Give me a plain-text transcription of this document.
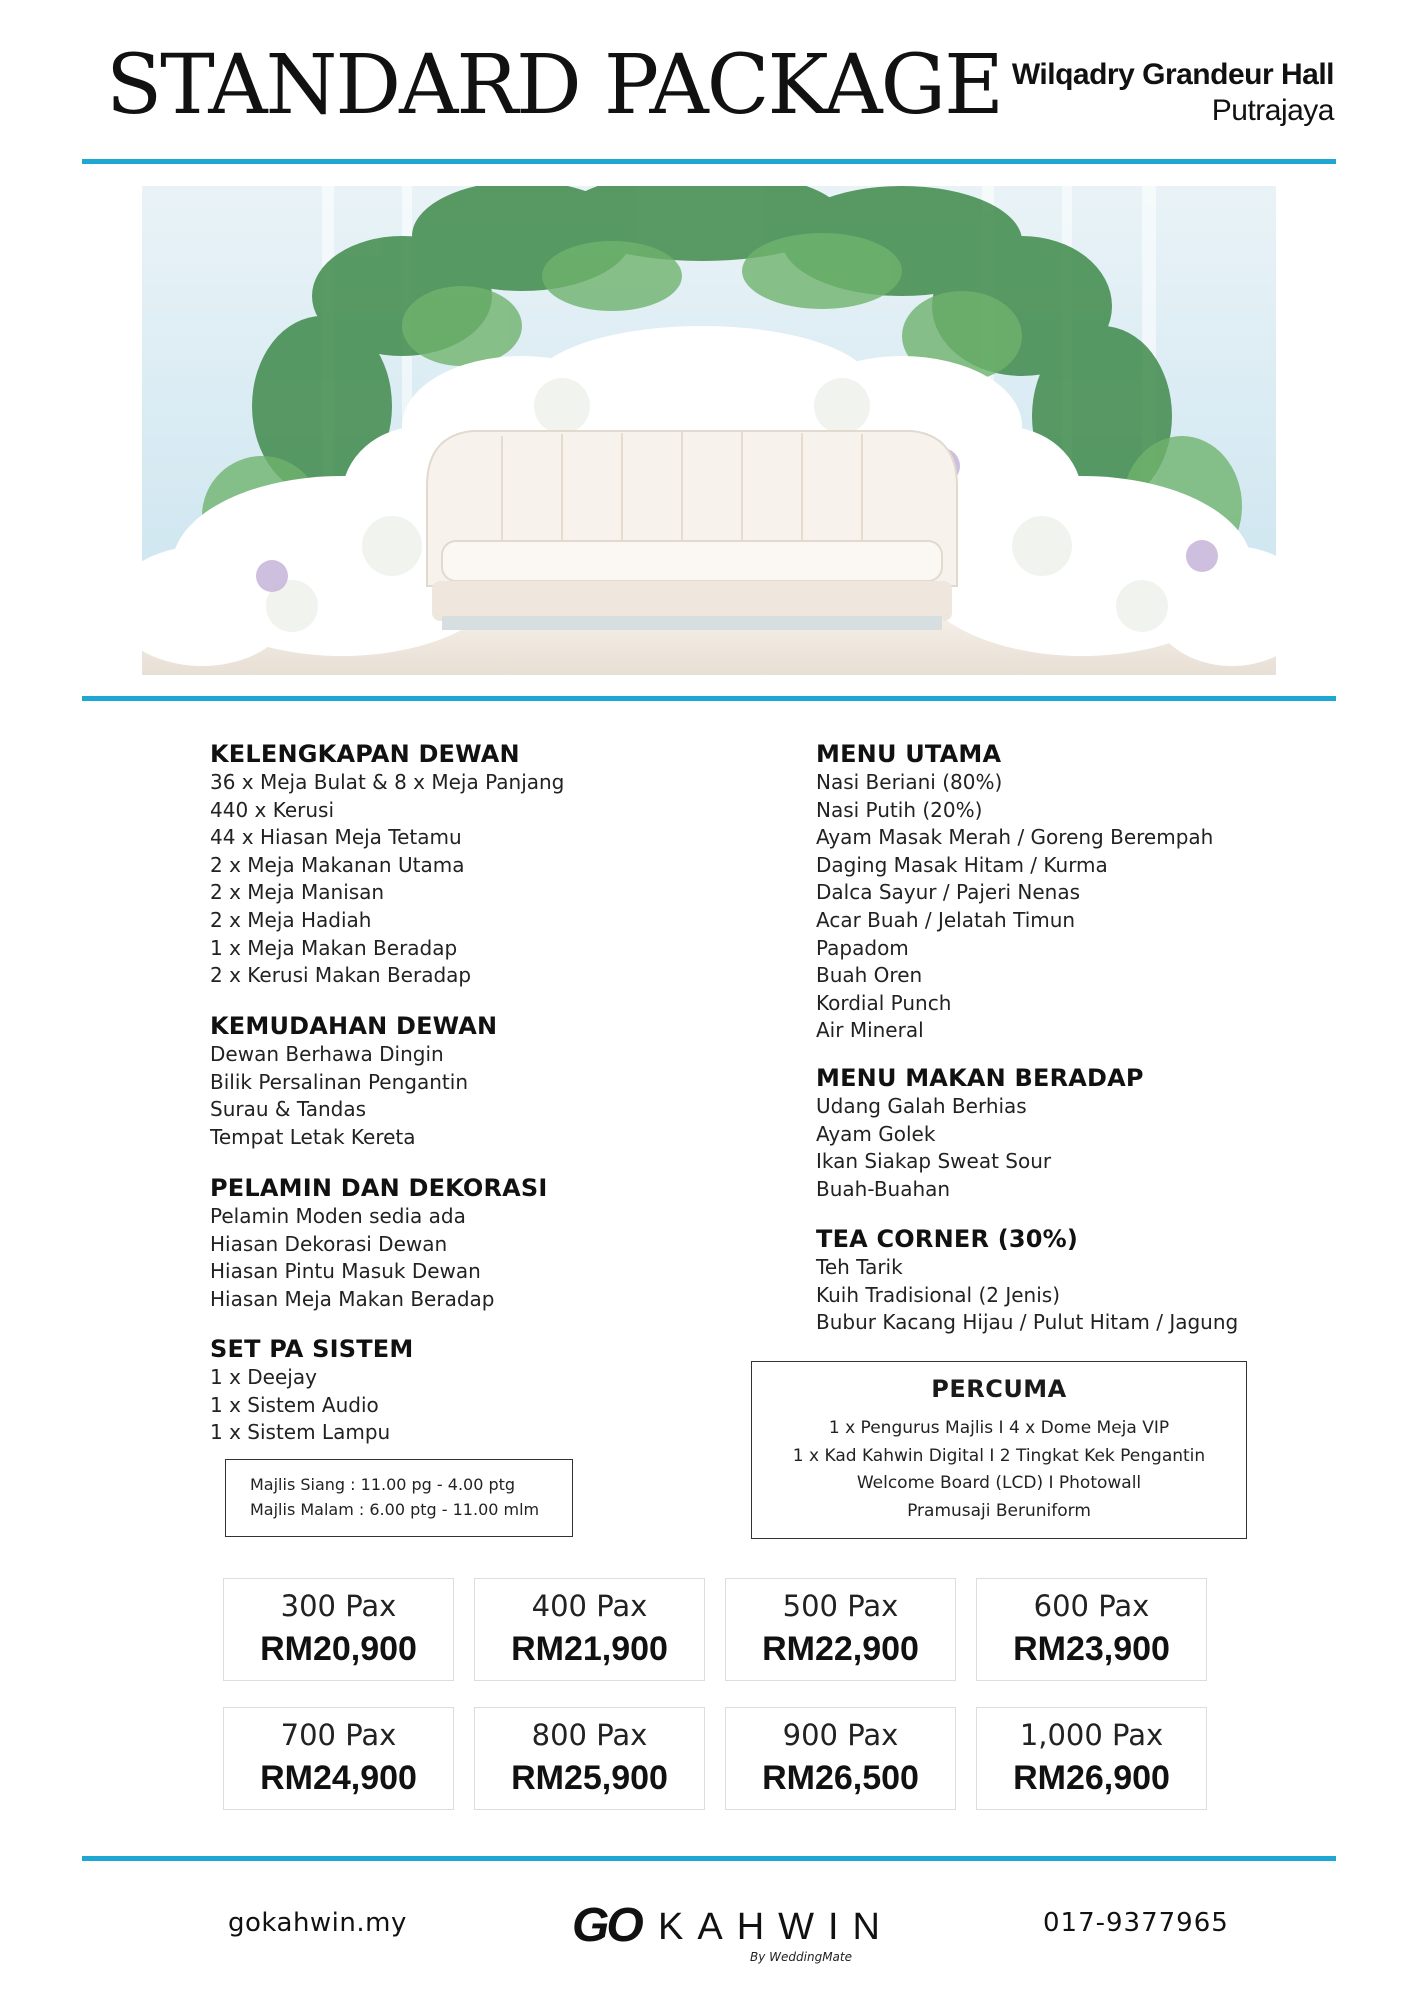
STANDARD PACKAGE Wilqadry Grandeur Hall
Putrajaya
KELENGKAPAN DEWAN
36 x Meja Bulat & 8 x Meja Panjang
440 x Kerusi
44 x Hiasan Meja Tetamu
2 x Meja Makanan Utama
2 x Meja Manisan
2 x Meja Hadiah
1 x Meja Makan Beradap
2 x Kerusi Makan Beradap
KEMUDAHAN DEWAN
Dewan Berhawa Dingin
Bilik Persalinan Pengantin
Surau & Tandas
Tempat Letak Kereta
PELAMIN DAN DEKORASI
Pelamin Moden sedia ada
Hiasan Dekorasi Dewan
Hiasan Pintu Masuk Dewan
Hiasan Meja Makan Beradap
SET PA SISTEM
1 x Deejay
1 x Sistem Audio
1 x Sistem Lampu
Majlis Siang : 11.00 pg - 4.00 ptg
Majlis Malam : 6.00 ptg - 11.00 mlm
MENU UTAMA
Nasi Beriani (80%)
Nasi Putih (20%)
Ayam Masak Merah / Goreng Berempah
Daging Masak Hitam / Kurma
Dalca Sayur / Pajeri Nenas
Acar Buah / Jelatah Timun
Papadom
Buah Oren
Kordial Punch
Air Mineral
MENU MAKAN BERADAP
Udang Galah Berhias
Ayam Golek
Ikan Siakap Sweat Sour
Buah-Buahan
TEA CORNER (30%)
Teh Tarik
Kuih Tradisional (2 Jenis)
Bubur Kacang Hijau / Pulut Hitam / Jagung
PERCUMA
1 x Pengurus Majlis I 4 x Dome Meja VIP
1 x Kad Kahwin Digital I 2 Tingkat Kek Pengantin
Welcome Board (LCD) I Photowall
Pramusaji Beruniform
300 Pax
RM20,900
400 Pax
RM21,900
500 Pax
RM22,900
600 Pax
RM23,900
700 Pax
RM24,900
800 Pax
RM25,900
900 Pax
RM26,500
1,000 Pax
RM26,900
gokahwin.my	GO KAHWIN
By WeddingMate
017-9377965
